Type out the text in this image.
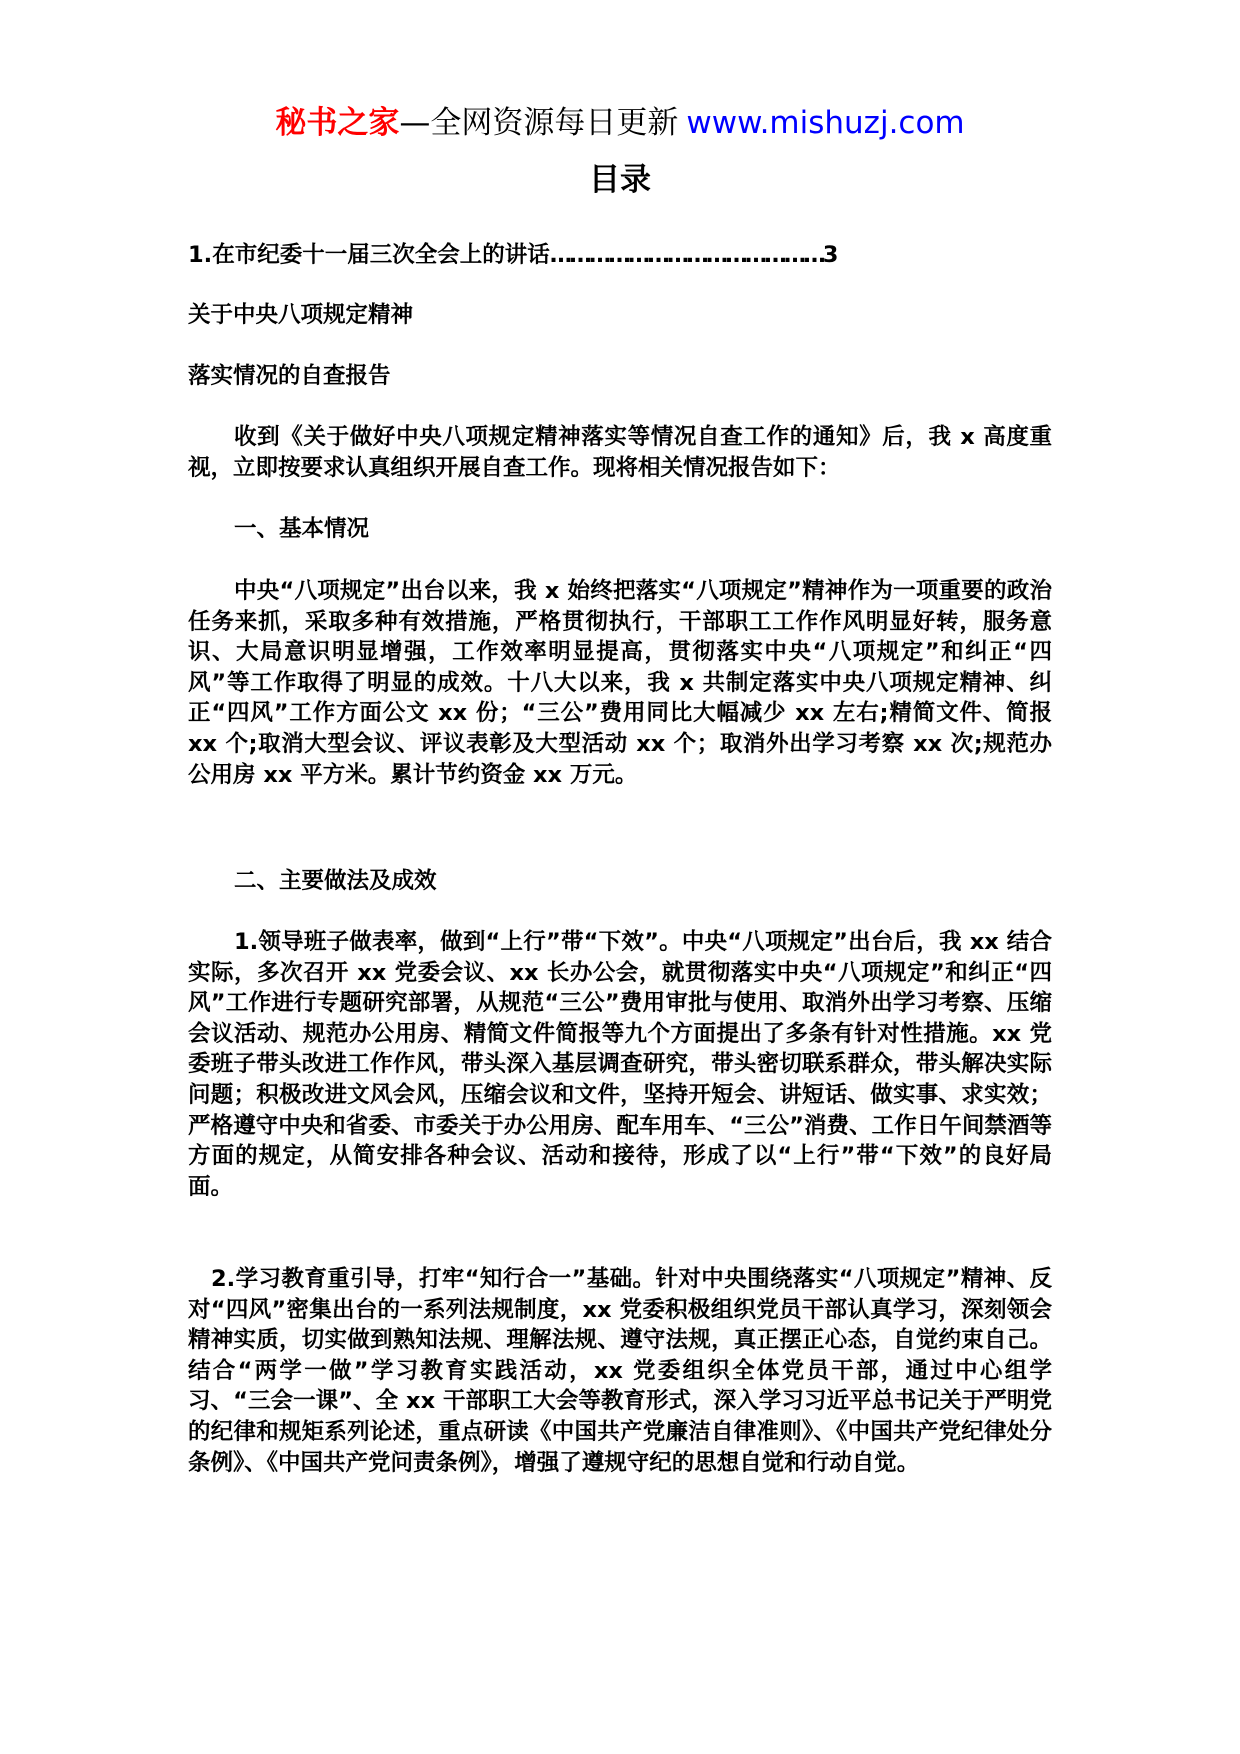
秘书之家—全网资源每日更新 www.mishuzj.com
目录
1.在市纪委十一届三次全会上的讲话……………………………………3
关于中央八项规定精神
落实情况的自查报告
收到《关于做好中央八项规定精神落实等情况自查工作的通知》后，我 x 高度重视，立即按要求认真组织开展自查工作。现将相关情况报告如下：
一、基本情况
中央“八项规定”出台以来，我 x 始终把落实“八项规定”精神作为一项重要的政治任务来抓，采取多种有效措施，严格贯彻执行，干部职工工作作风明显好转，服务意识、大局意识明显增强，工作效率明显提高，贯彻落实中央“八项规定”和纠正“四风”等工作取得了明显的成效。十八大以来，我 x 共制定落实中央八项规定精神、纠正“四风”工作方面公文 xx 份；“三公”费用同比大幅减少 xx 左右;精简文件、简报 xx 个;取消大型会议、评议表彰及大型活动 xx 个；取消外出学习考察 xx 次;规范办公用房 xx 平方米。累计节约资金 xx 万元。
二、主要做法及成效
1.领导班子做表率，做到“上行”带“下效”。中央“八项规定”出台后，我 xx 结合实际，多次召开 xx 党委会议、xx 长办公会，就贯彻落实中央“八项规定”和纠正“四风”工作进行专题研究部署，从规范“三公”费用审批与使用、取消外出学习考察、压缩会议活动、规范办公用房、精简文件简报等九个方面提出了多条有针对性措施。xx 党委班子带头改进工作作风，带头深入基层调查研究，带头密切联系群众，带头解决实际问题；积极改进文风会风，压缩会议和文件，坚持开短会、讲短话、做实事、求实效；严格遵守中央和省委、市委关于办公用房、配车用车、“三公”消费、工作日午间禁酒等方面的规定，从简安排各种会议、活动和接待，形成了以“上行”带“下效”的良好局面。
2.学习教育重引导，打牢“知行合一”基础。针对中央围绕落实“八项规定”精神、反对“四风”密集出台的一系列法规制度，xx 党委积极组织党员干部认真学习，深刻领会精神实质，切实做到熟知法规、理解法规、遵守法规，真正摆正心态，自觉约束自己。结合“两学一做”学习教育实践活动，xx 党委组织全体党员干部，通过中心组学习、“三会一课”、全 xx 干部职工大会等教育形式，深入学习习近平总书记关于严明党的纪律和规矩系列论述，重点研读《中国共产党廉洁自律准则》、《中国共产党纪律处分条例》、《中国共产党问责条例》，增强了遵规守纪的思想自觉和行动自觉。
